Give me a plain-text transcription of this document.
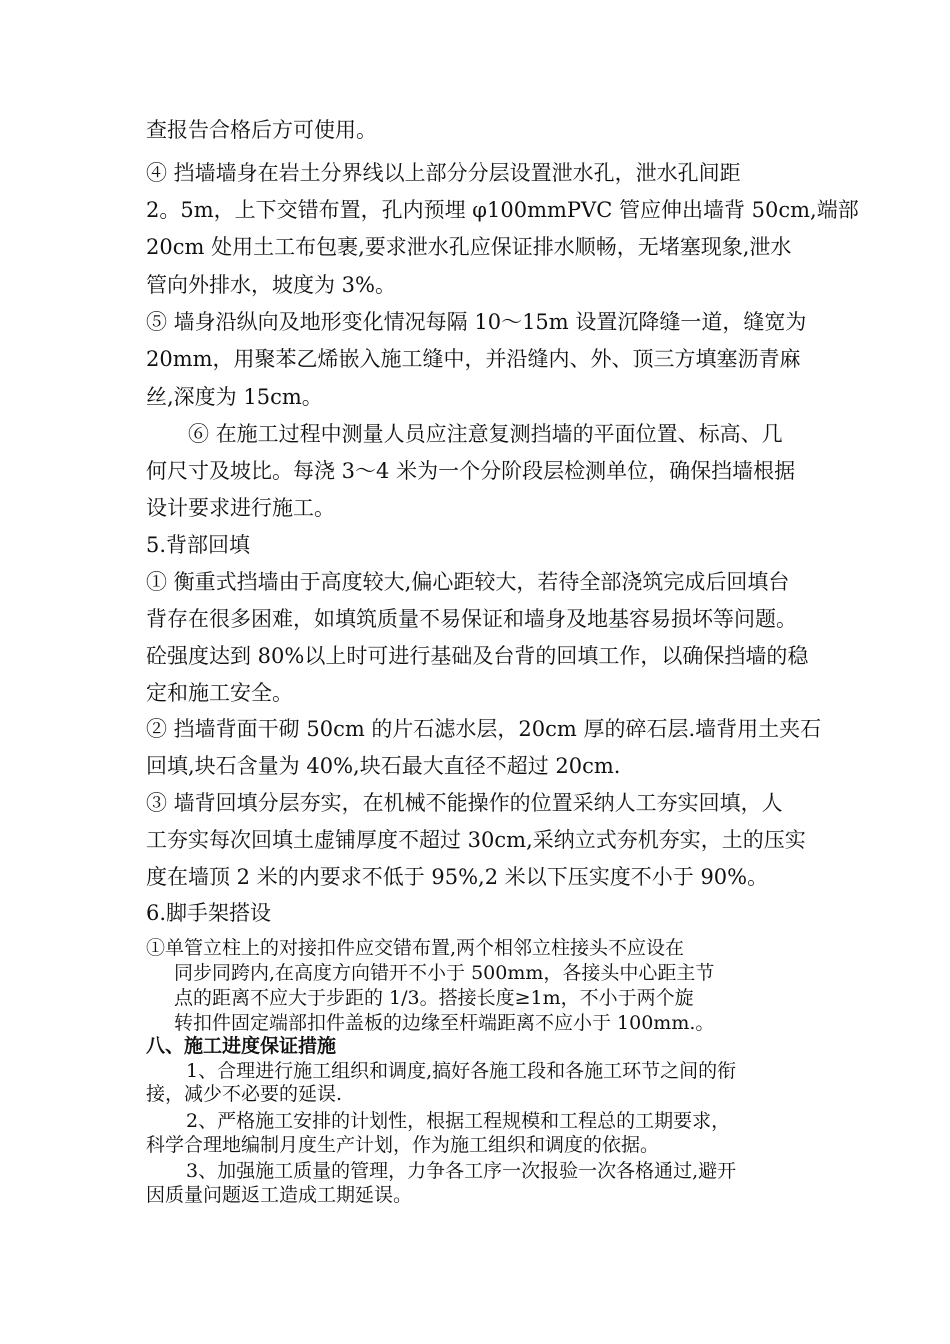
查报告合格后方可使用。
④ 挡墙墙身在岩土分界线以上部分分层设置泄水孔，泄水孔间距
2。5m，上下交错布置，孔内预埋 φ100mmPVC 管应伸出墙背 50cm,端部
20cm 处用土工布包裹,要求泄水孔应保证排水顺畅，无堵塞现象,泄水
管向外排水，坡度为 3%。
⑤ 墙身沿纵向及地形变化情况每隔 10～15m 设置沉降缝一道，缝宽为
20mm，用聚苯乙烯嵌入施工缝中，并沿缝内、外、顶三方填塞沥青麻
丝,深度为 15cm。
⑥ 在施工过程中测量人员应注意复测挡墙的平面位置、标高、几
何尺寸及坡比。每浇 3～4 米为一个分阶段层检测单位，确保挡墙根据
设计要求进行施工。
5.背部回填
① 衡重式挡墙由于高度较大,偏心距较大，若待全部浇筑完成后回填台
背存在很多困难，如填筑质量不易保证和墙身及地基容易损坏等问题。
砼强度达到 80%以上时可进行基础及台背的回填工作，以确保挡墙的稳
定和施工安全。
② 挡墙背面干砌 50cm 的片石滤水层，20cm 厚的碎石层.墙背用土夹石
回填,块石含量为 40%,块石最大直径不超过 20cm.
③ 墙背回填分层夯实，在机械不能操作的位置采纳人工夯实回填，人
工夯实每次回填土虚铺厚度不超过 30cm,采纳立式夯机夯实，土的压实
度在墙顶 2 米的内要求不低于 95%,2 米以下压实度不小于 90%。
6.脚手架搭设
①单管立柱上的对接扣件应交错布置,两个相邻立柱接头不应设在
同步同跨内,在高度方向错开不小于 500mm，各接头中心距主节
点的距离不应大于步距的 1/3。搭接长度≥1m，不小于两个旋
转扣件固定端部扣件盖板的边缘至杆端距离不应小于 100mm.。
八、施工进度保证措施
1、合理进行施工组织和调度,搞好各施工段和各施工环节之间的衔
接，减少不必要的延误.
2、严格施工安排的计划性，根据工程规模和工程总的工期要求，
科学合理地编制月度生产计划，作为施工组织和调度的依据。
3、加强施工质量的管理，力争各工序一次报验一次各格通过,避开
因质量问题返工造成工期延误。
